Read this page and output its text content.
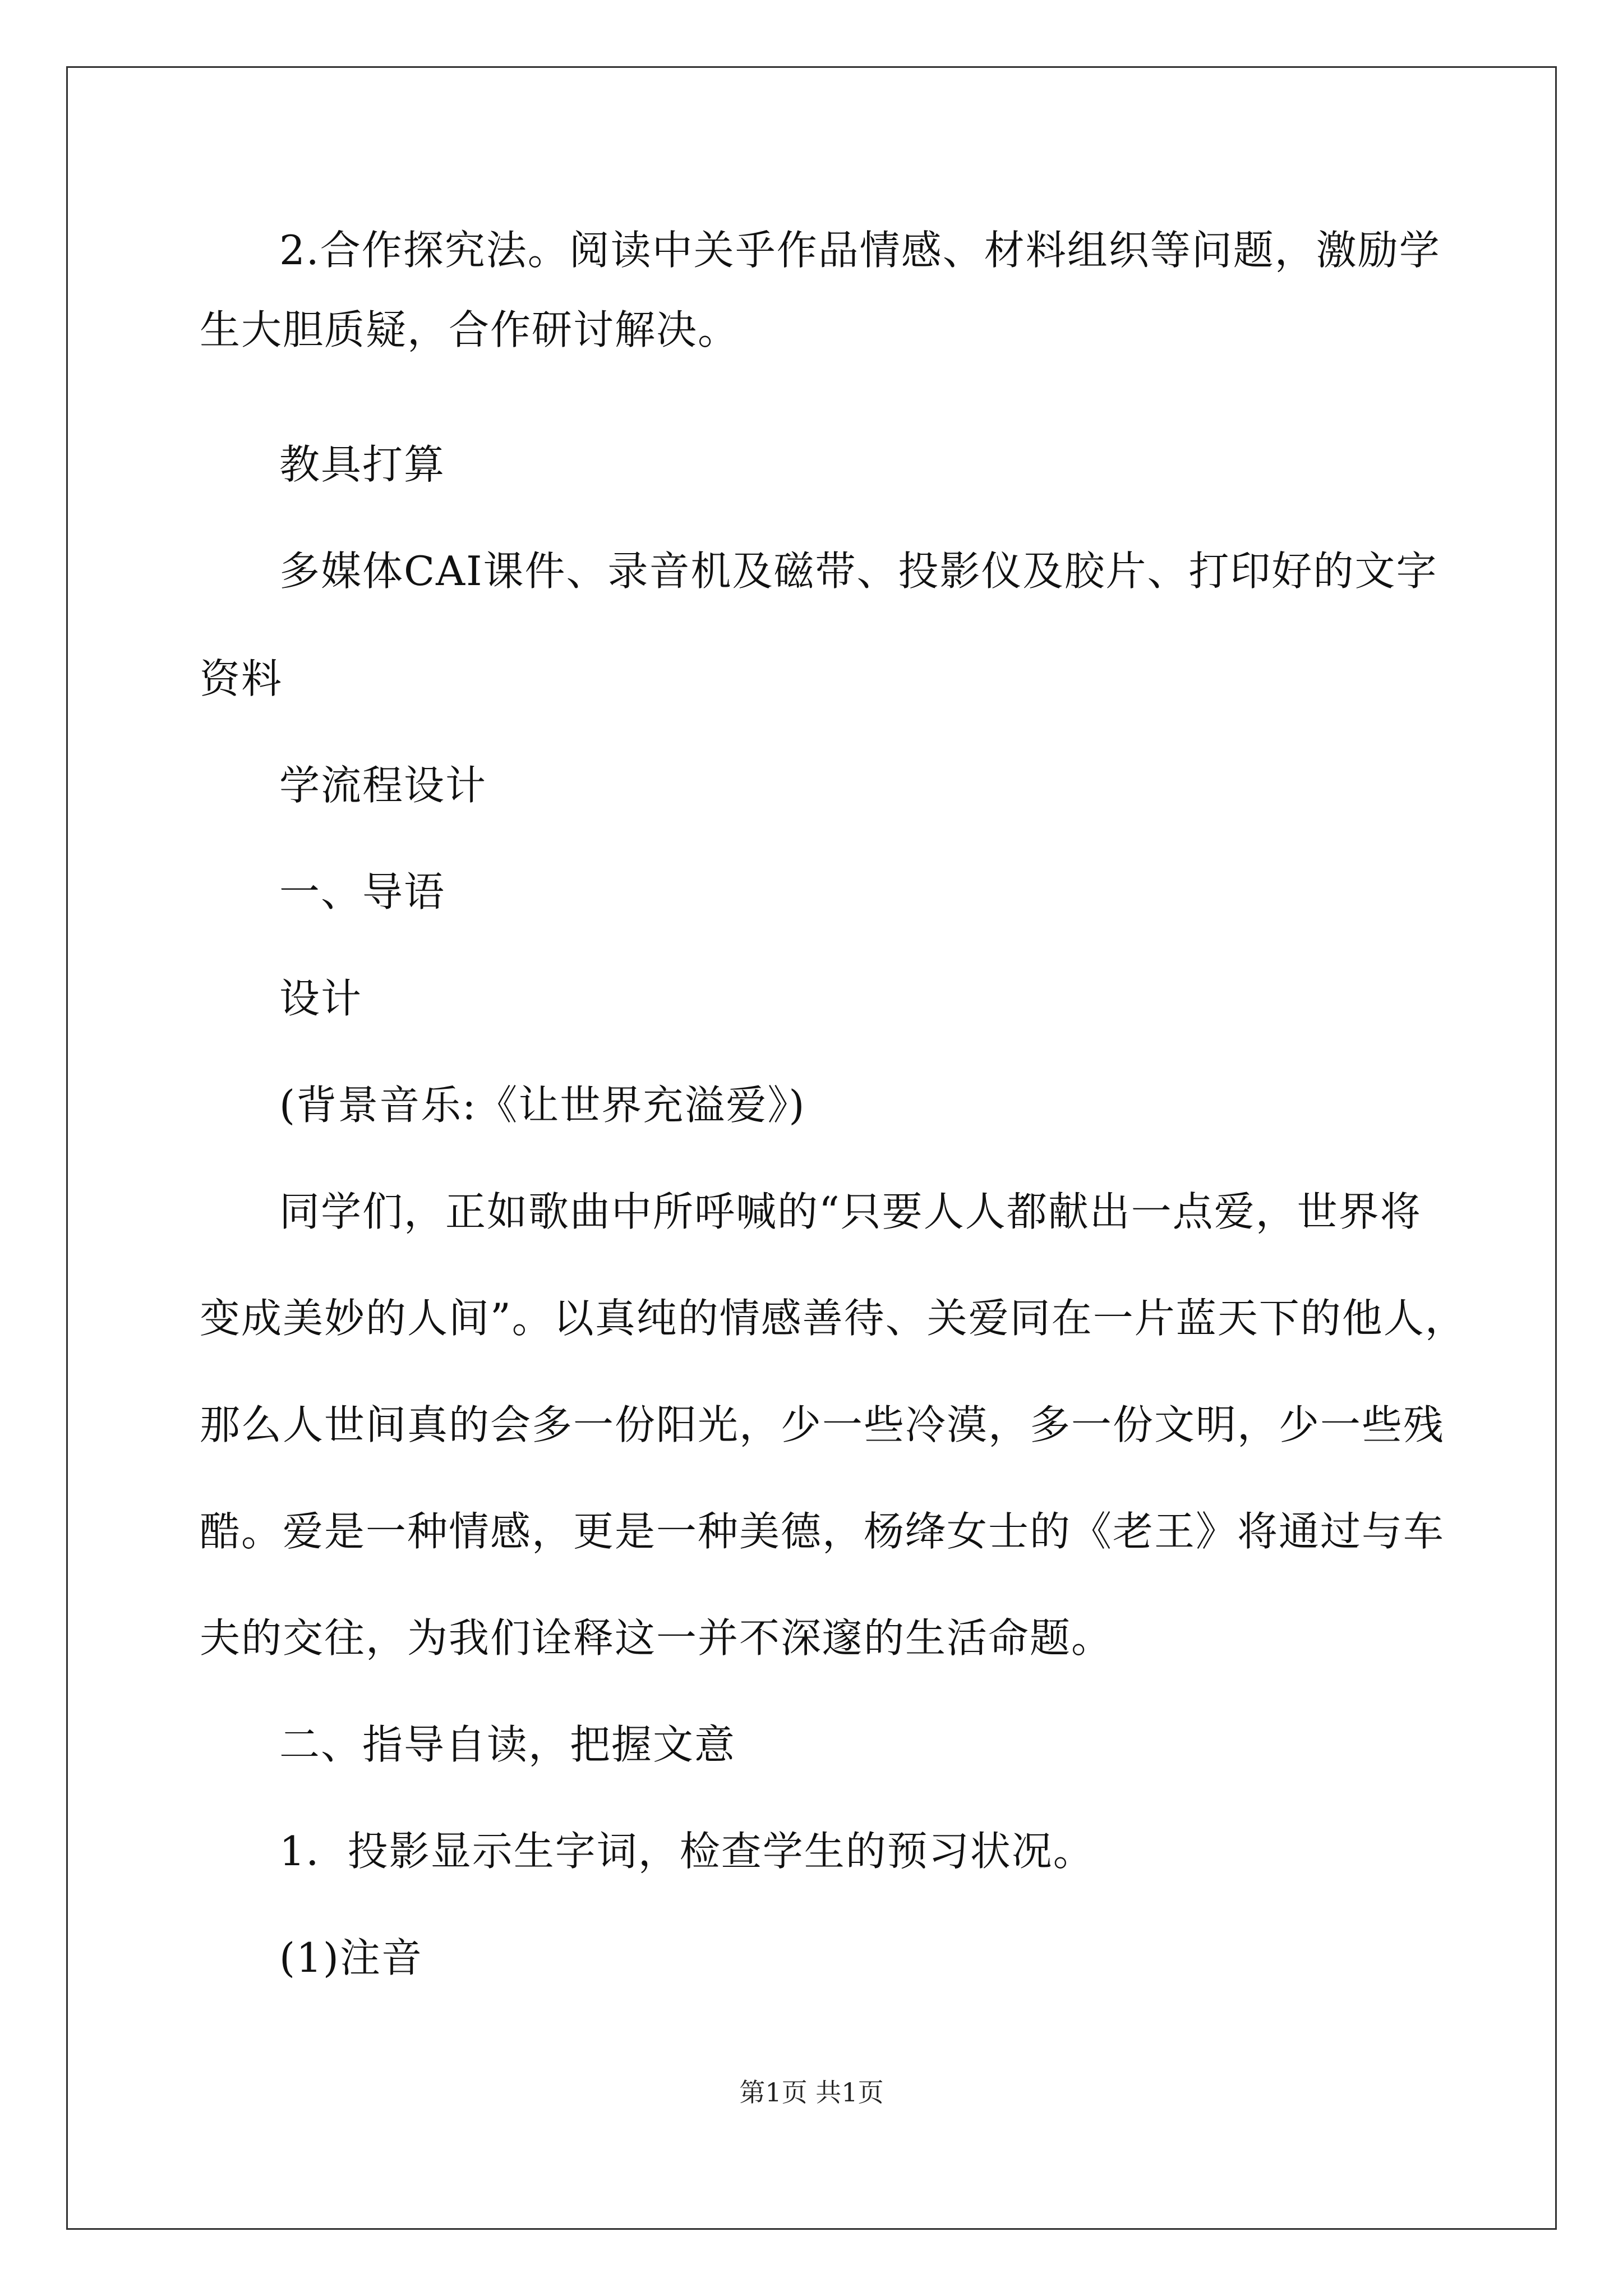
2.合作探究法。阅读中关乎作品情感、材料组织等问题，激励学

生大胆质疑，合作研讨解决。

教具打算

多媒体CAI课件、录音机及磁带、投影仪及胶片、打印好的文字

资料

学流程设计

一、导语

设计

(背景音乐:《让世界充溢爱》)

同学们，正如歌曲中所呼喊的“只要人人都献出一点爱，世界将

变成美妙的人间”。以真纯的情感善待、关爱同在一片蓝天下的他人，

那么人世间真的会多一份阳光，少一些冷漠，多一份文明，少一些残

酷。爱是一种情感，更是一种美德，杨绛女士的《老王》将通过与车

夫的交往，为我们诠释这一并不深邃的生活命题。

二、指导自读，把握文意

1．投影显示生字词，检查学生的预习状况。

(1)注音

第1页 共1页
